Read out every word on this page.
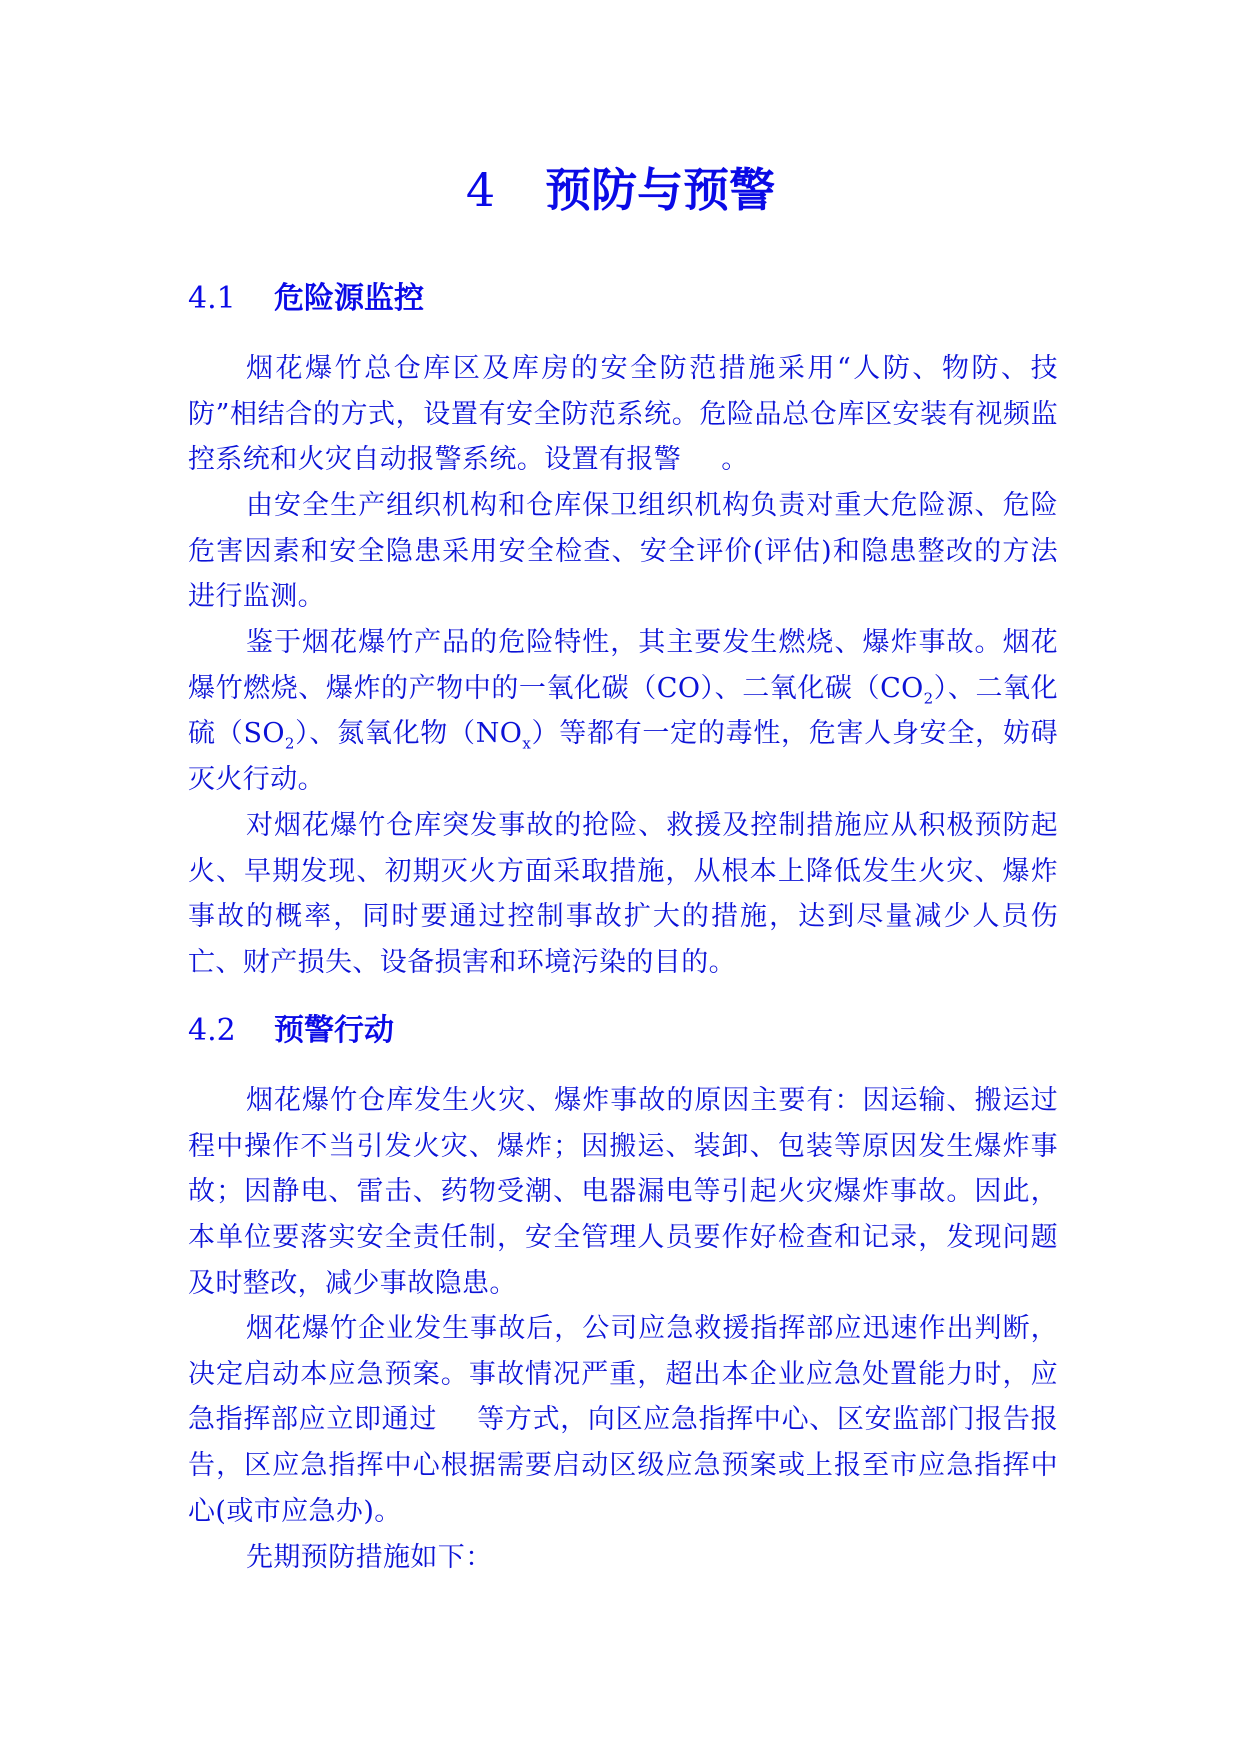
4 预防与预警
4.1 危险源监控

烟花爆竹总仓库区及库房的安全防范措施采用“人防、物防、技防”相结合的方式，设置有安全防范系统。危险品总仓库区安装有视频监控系统和火灾自动报警系统。设置有报警 。

由安全生产组织机构和仓库保卫组织机构负责对重大危险源、危险危害因素和安全隐患采用安全检查、安全评价(评估)和隐患整改的方法进行监测。

鉴于烟花爆竹产品的危险特性，其主要发生燃烧、爆炸事故。烟花爆竹燃烧、爆炸的产物中的一氧化碳（CO）、二氧化碳$(CO_2)$、二氧化硫$(SO_2)$、氮氧化物$(NO_x)$等都有一定的毒性，危害人身安全，妨碍灭火行动。

对烟花爆竹仓库突发事故的抢险、救援及控制措施应从积极预防起火、早期发现、初期灭火方面采取措施，从根本上降低发生火灾、爆炸事故的概率，同时要通过控制事故扩大的措施，达到尽量减少人员伤亡、财产损失、设备损害和环境污染的目的。

4.2 预警行动

烟花爆竹仓库发生火灾、爆炸事故的原因主要有：因运输、搬运过程中操作不当引发火灾、爆炸；因搬运、装卸、包装等原因发生爆炸事故；因静电、雷击、药物受潮、电器漏电等引起火灾爆炸事故。因此，本单位要落实安全责任制，安全管理人员要作好检查和记录，发现问题及时整改，减少事故隐患。

烟花爆竹企业发生事故后，公司应急救援指挥部应迅速作出判断，决定启动本应急预案。事故情况严重，超出本企业应急处置能力时，应急指挥部应立即通过 等方式，向区应急指挥中心、区安监部门报告报告，区应急指挥中心根据需要启动区级应急预案或上报至市应急指挥中心(或市应急办)。

先期预防措施如下：
